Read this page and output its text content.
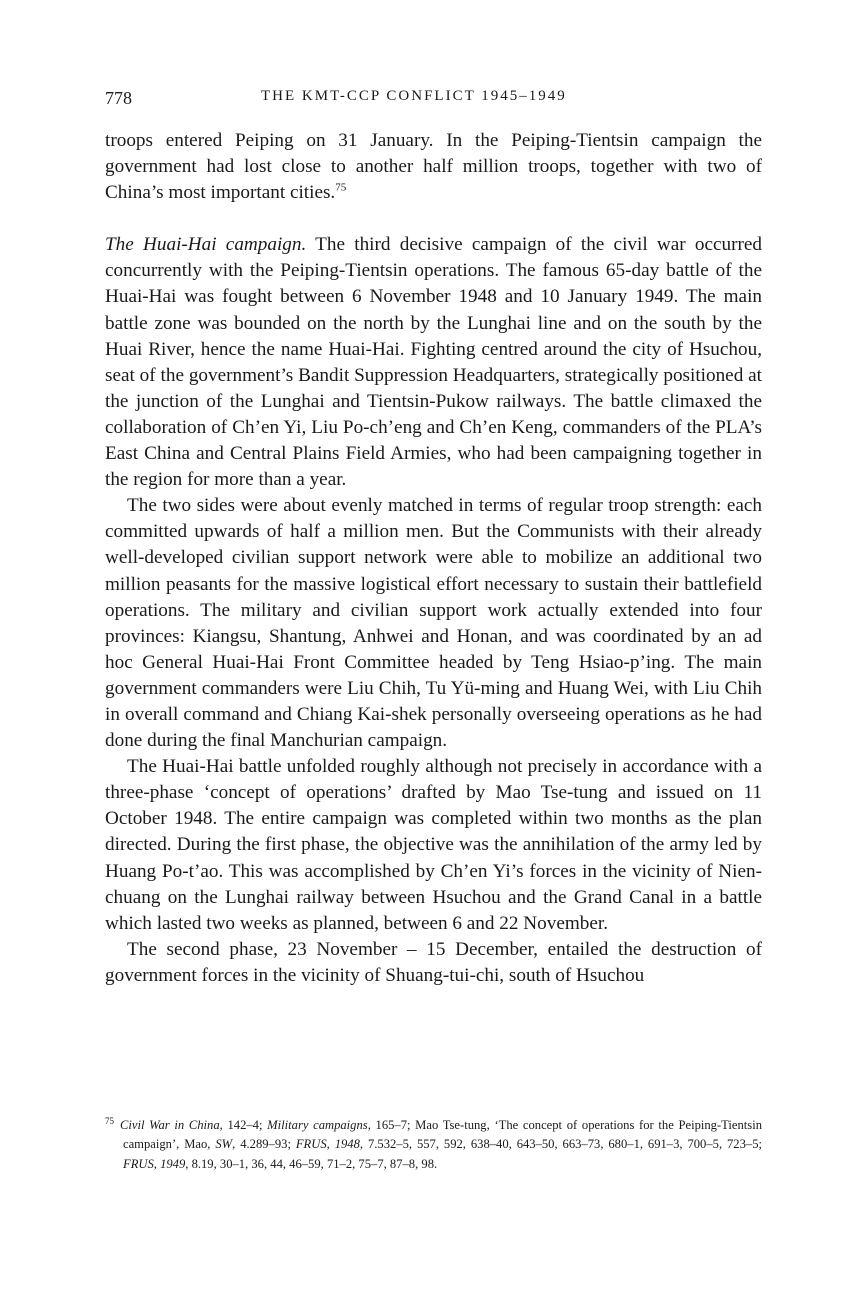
778	THE KMT-CCP CONFLICT 1945–1949

troops entered Peiping on 31 January. In the Peiping-Tientsin campaign the government had lost close to another half million troops, together with two of China’s most important cities.$^{75}$

The Huai-Hai campaign. The third decisive campaign of the civil war occurred concurrently with the Peiping-Tientsin operations. The famous 65-day battle of the Huai-Hai was fought between 6 November 1948 and 10 January 1949. The main battle zone was bounded on the north by the Lunghai line and on the south by the Huai River, hence the name Huai-Hai. Fighting centred around the city of Hsuchou, seat of the government’s Bandit Suppression Headquarters, strategically positioned at the junction of the Lunghai and Tientsin-Pukow railways. The battle climaxed the collaboration of Ch’en Yi, Liu Po-ch’eng and Ch’en Keng, commanders of the PLA’s East China and Central Plains Field Armies, who had been campaigning together in the region for more than a year.

The two sides were about evenly matched in terms of regular troop strength: each committed upwards of half a million men. But the Communists with their already well-developed civilian support network were able to mobilize an additional two million peasants for the massive logistical effort necessary to sustain their battlefield operations. The military and civilian support work actually extended into four provinces: Kiangsu, Shantung, Anhwei and Honan, and was coordinated by an ad hoc General Huai-Hai Front Committee headed by Teng Hsiao-p’ing. The main government commanders were Liu Chih, Tu Yü-ming and Huang Wei, with Liu Chih in overall command and Chiang Kai-shek personally overseeing operations as he had done during the final Manchurian campaign.

The Huai-Hai battle unfolded roughly although not precisely in accordance with a three-phase ‘concept of operations’ drafted by Mao Tse-tung and issued on 11 October 1948. The entire campaign was completed within two months as the plan directed. During the first phase, the objective was the annihilation of the army led by Huang Po-t’ao. This was accomplished by Ch’en Yi’s forces in the vicinity of Nien-chuang on the Lunghai railway between Hsuchou and the Grand Canal in a battle which lasted two weeks as planned, between 6 and 22 November.

The second phase, 23 November – 15 December, entailed the destruction of government forces in the vicinity of Shuang-tui-chi, south of Hsuchou

$^{75}$ Civil War in China, 142–4; Military campaigns, 165–7; Mao Tse-tung, ‘The concept of operations for the Peiping-Tientsin campaign’, Mao, SW, 4.289–93; FRUS, 1948, 7.532–5, 557, 592, 638–40, 643–50, 663–73, 680–1, 691–3, 700–5, 723–5; FRUS, 1949, 8.19, 30–1, 36, 44, 46–59, 71–2, 75–7, 87–8, 98.
